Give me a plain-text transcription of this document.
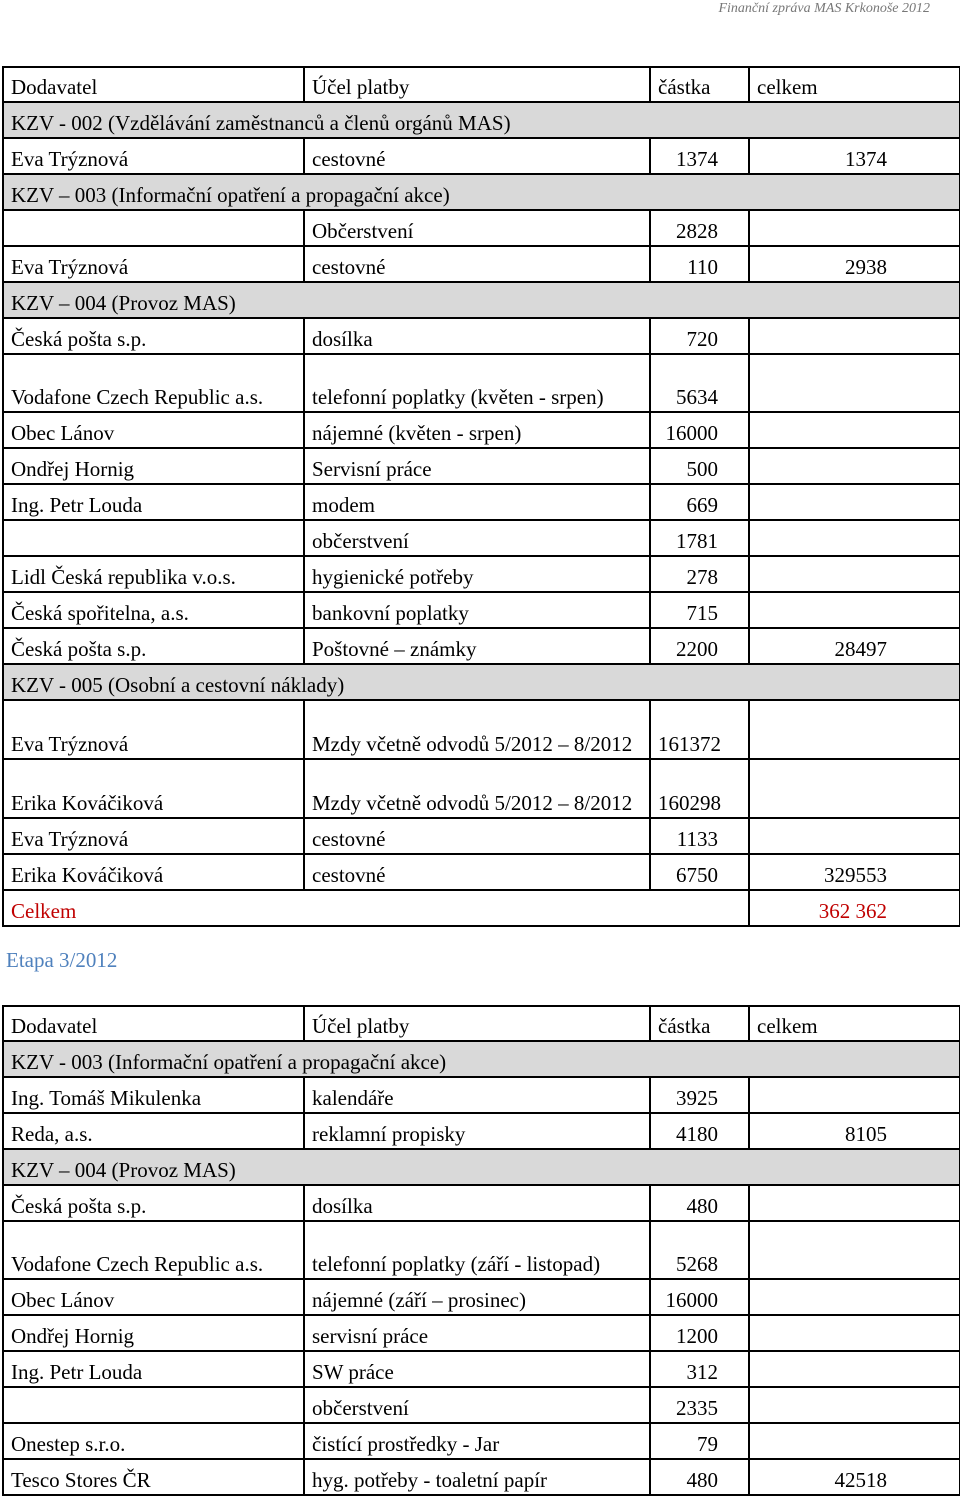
Finanční zpráva MAS Krkonoše 2012
Dodavatel	Účel platby	částka	celkem
KZV - 002 (Vzdělávání zaměstnanců a členů orgánů MAS)			
Eva Trýznová	cestovné	1374	1374
KZV – 003 (Informační opatření a propagační akce)			
	Občerstvení	2828	
Eva Trýznová	cestovné	110	2938
KZV – 004 (Provoz MAS)			
Česká pošta s.p.	dosílka	720	
Vodafone Czech Republic a.s.	telefonní poplatky (květen - srpen)	5634	
Obec Lánov	nájemné (květen - srpen)	16000	
Ondřej Hornig	Servisní práce	500	
Ing. Petr Louda	modem	669	
	občerstvení	1781	
Lidl Česká republika v.o.s.	hygienické potřeby	278	
Česká spořitelna, a.s.	bankovní poplatky	715	
Česká pošta s.p.	Poštovné – známky	2200	28497
KZV - 005 (Osobní a cestovní náklady)			
Eva Trýznová	Mzdy včetně odvodů 5/2012 – 8/2012	161372	
Erika Kováčiková	Mzdy včetně odvodů 5/2012 – 8/2012	160298	
Eva Trýznová	cestovné	1133	
Erika Kováčiková	cestovné	6750	329553
Celkem			362 362
Etapa 3/2012
Dodavatel	Účel platby	částka	celkem
KZV - 003 (Informační opatření a propagační akce)			
Ing. Tomáš Mikulenka	kalendáře	3925	
Reda, a.s.	reklamní propisky	4180	8105
KZV – 004 (Provoz MAS)			
Česká pošta s.p.	dosílka	480	
Vodafone Czech Republic a.s.	telefonní poplatky (září - listopad)	5268	
Obec Lánov	nájemné (září – prosinec)	16000	
Ondřej Hornig	servisní práce	1200	
Ing. Petr Louda	SW práce	312	
	občerstvení	2335	
Onestep s.r.o.	čistící prostředky - Jar	79	
Tesco Stores ČR	hyg. potřeby - toaletní papír	480	42518
